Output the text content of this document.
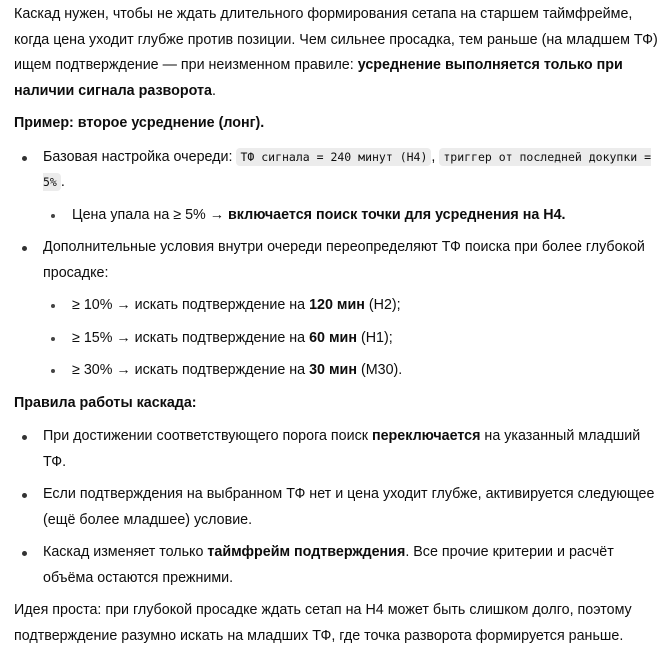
Каскад нужен, чтобы не ждать длительного формирования сетапа на старшем таймфрейме, когда цена уходит глубже против позиции. Чем сильнее просадка, тем раньше (на младшем ТФ) ищем подтверждение — при неизменном правиле: усреднение выполняется только при наличии сигнала разворота.

Пример: второе усреднение (лонг).

Базовая настройка очереди: ТФ сигнала = 240 минут (H4) , триггер от последней докупки = 5% .
Цена упала на ≥ 5% → включается поиск точки для усреднения на H4.
Дополнительные условия внутри очереди переопределяют ТФ поиска при более глубокой просадке:
≥ 10% → искать подтверждение на 120 мин (H2);
≥ 15% → искать подтверждение на 60 мин (H1);
≥ 30% → искать подтверждение на 30 мин (M30).

Правила работы каскада:

При достижении соответствующего порога поиск переключается на указанный младший ТФ.
Если подтверждения на выбранном ТФ нет и цена уходит глубже, активируется следующее (ещё более младшее) условие.
Каскад изменяет только таймфрейм подтверждения. Все прочие критерии и расчёт объёма остаются прежними.

Идея проста: при глубокой просадке ждать сетап на H4 может быть слишком долго, поэтому подтверждение разумно искать на младших ТФ, где точка разворота формируется раньше.
